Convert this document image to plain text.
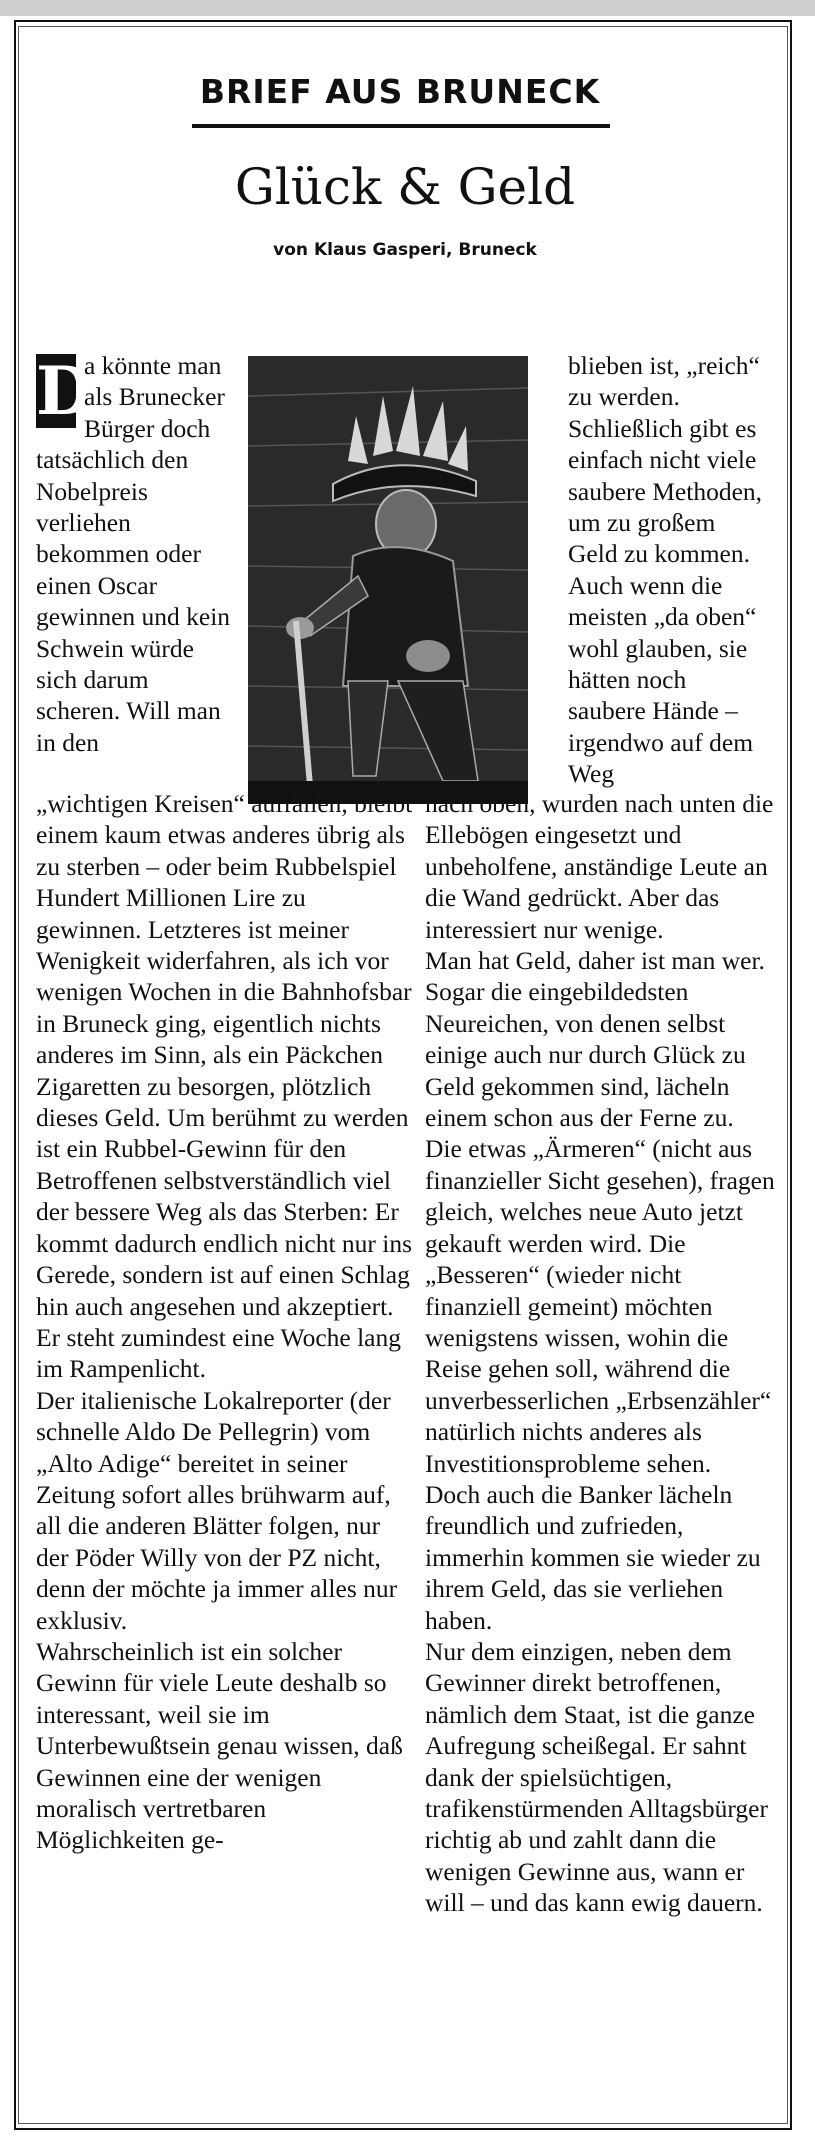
BRIEF AUS BRUNECK
Glück & Geld
von Klaus Gasperi, Bruneck
D
a könnte man als Brunecker Bürger doch tatsächlich den Nobelpreis verliehen bekommen oder einen Oscar gewinnen und kein Schwein würde sich darum scheren. Will man in den
blieben ist, „reich“ zu werden. Schließlich gibt es einfach nicht viele saubere Methoden, um zu großem Geld zu kommen. Auch wenn die meisten „da oben“ wohl glauben, sie hätten noch saubere Hände – irgendwo auf dem Weg
„wichtigen Kreisen“ auffallen, bleibt einem kaum etwas anderes übrig als zu sterben – oder beim Rubbelspiel Hundert Millionen Lire zu gewinnen. Letzteres ist meiner Wenigkeit widerfahren, als ich vor wenigen Wochen in die Bahnhofsbar in Bruneck ging, eigentlich nichts anderes im Sinn, als ein Päckchen Zigaretten zu besorgen, plötzlich dieses Geld. Um berühmt zu werden ist ein Rubbel-Gewinn für den Betroffenen selbstverständlich viel der bessere Weg als das Sterben: Er kommt dadurch endlich nicht nur ins Gerede, sondern ist auf einen Schlag hin auch angesehen und akzeptiert. Er steht zumindest eine Woche lang im Rampenlicht.
Der italienische Lokalreporter (der schnelle Aldo De Pellegrin) vom „Alto Adige“ bereitet in seiner Zeitung sofort alles brühwarm auf, all die anderen Blätter folgen, nur der Pöder Willy von der PZ nicht, denn der möchte ja immer alles nur exklusiv.
Wahrscheinlich ist ein solcher Gewinn für viele Leute deshalb so interessant, weil sie im Unterbewußtsein genau wissen, daß Gewinnen eine der wenigen moralisch vertretbaren Möglichkeiten ge-
nach oben, wurden nach unten die Ellebögen eingesetzt und unbeholfene, anständige Leute an die Wand gedrückt. Aber das interessiert nur wenige.
Man hat Geld, daher ist man wer. Sogar die eingebildedsten Neureichen, von denen selbst einige auch nur durch Glück zu Geld gekommen sind, lächeln einem schon aus der Ferne zu. Die etwas „Ärmeren“ (nicht aus finanzieller Sicht gesehen), fragen gleich, welches neue Auto jetzt gekauft werden wird. Die „Besseren“ (wieder nicht finanziell gemeint) möchten wenigstens wissen, wohin die Reise gehen soll, während die unverbesserlichen „Erbsenzähler“ natürlich nichts anderes als Investitionsprobleme sehen.
Doch auch die Banker lächeln freundlich und zufrieden, immerhin kommen sie wieder zu ihrem Geld, das sie verliehen haben.
Nur dem einzigen, neben dem Gewinner direkt betroffenen, nämlich dem Staat, ist die ganze Aufregung scheißegal. Er sahnt dank der spielsüchtigen, trafikenstürmenden Alltagsbürger richtig ab und zahlt dann die wenigen Gewinne aus, wann er will – und das kann ewig dauern.
